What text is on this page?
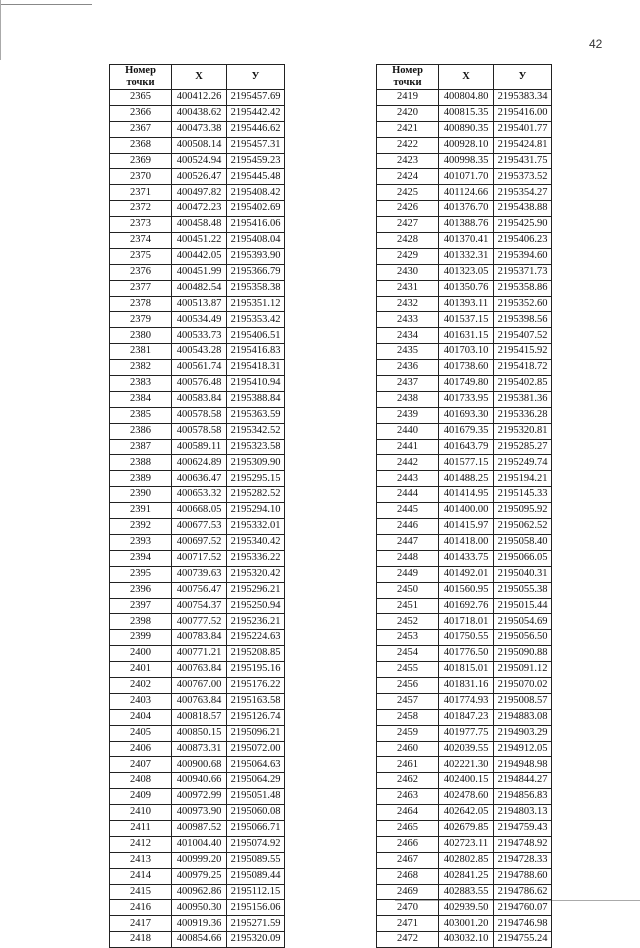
42
Номер
точки	X	У
2365	400412.26	2195457.69
2366	400438.62	2195442.42
2367	400473.38	2195446.62
2368	400508.14	2195457.31
2369	400524.94	2195459.23
2370	400526.47	2195445.48
2371	400497.82	2195408.42
2372	400472.23	2195402.69
2373	400458.48	2195416.06
2374	400451.22	2195408.04
2375	400442.05	2195393.90
2376	400451.99	2195366.79
2377	400482.54	2195358.38
2378	400513.87	2195351.12
2379	400534.49	2195353.42
2380	400533.73	2195406.51
2381	400543.28	2195416.83
2382	400561.74	2195418.31
2383	400576.48	2195410.94
2384	400583.84	2195388.84
2385	400578.58	2195363.59
2386	400578.58	2195342.52
2387	400589.11	2195323.58
2388	400624.89	2195309.90
2389	400636.47	2195295.15
2390	400653.32	2195282.52
2391	400668.05	2195294.10
2392	400677.53	2195332.01
2393	400697.52	2195340.42
2394	400717.52	2195336.22
2395	400739.63	2195320.42
2396	400756.47	2195296.21
2397	400754.37	2195250.94
2398	400777.52	2195236.21
2399	400783.84	2195224.63
2400	400771.21	2195208.85
2401	400763.84	2195195.16
2402	400767.00	2195176.22
2403	400763.84	2195163.58
2404	400818.57	2195126.74
2405	400850.15	2195096.21
2406	400873.31	2195072.00
2407	400900.68	2195064.63
2408	400940.66	2195064.29
2409	400972.99	2195051.48
2410	400973.90	2195060.08
2411	400987.52	2195066.71
2412	401004.40	2195074.92
2413	400999.20	2195089.55
2414	400979.25	2195089.44
2415	400962.86	2195112.15
2416	400950.30	2195156.06
2417	400919.36	2195271.59
2418	400854.66	2195320.09
Номер
точки	X	У
2419	400804.80	2195383.34
2420	400815.35	2195416.00
2421	400890.35	2195401.77
2422	400928.10	2195424.81
2423	400998.35	2195431.75
2424	401071.70	2195373.52
2425	401124.66	2195354.27
2426	401376.70	2195438.88
2427	401388.76	2195425.90
2428	401370.41	2195406.23
2429	401332.31	2195394.60
2430	401323.05	2195371.73
2431	401350.76	2195358.86
2432	401393.11	2195352.60
2433	401537.15	2195398.56
2434	401631.15	2195407.52
2435	401703.10	2195415.92
2436	401738.60	2195418.72
2437	401749.80	2195402.85
2438	401733.95	2195381.36
2439	401693.30	2195336.28
2440	401679.35	2195320.81
2441	401643.79	2195285.27
2442	401577.15	2195249.74
2443	401488.25	2195194.21
2444	401414.95	2195145.33
2445	401400.00	2195095.92
2446	401415.97	2195062.52
2447	401418.00	2195058.40
2448	401433.75	2195066.05
2449	401492.01	2195040.31
2450	401560.95	2195055.38
2451	401692.76	2195015.44
2452	401718.01	2195054.69
2453	401750.55	2195056.50
2454	401776.50	2195090.88
2455	401815.01	2195091.12
2456	401831.16	2195070.02
2457	401774.93	2195008.57
2458	401847.23	2194883.08
2459	401977.75	2194903.29
2460	402039.55	2194912.05
2461	402221.30	2194948.98
2462	402400.15	2194844.27
2463	402478.60	2194856.83
2464	402642.05	2194803.13
2465	402679.85	2194759.43
2466	402723.11	2194748.92
2467	402802.85	2194728.33
2468	402841.25	2194788.60
2469	402883.55	2194786.62
2470	402939.50	2194760.07
2471	403001.20	2194746.98
2472	403032.10	2194755.24
